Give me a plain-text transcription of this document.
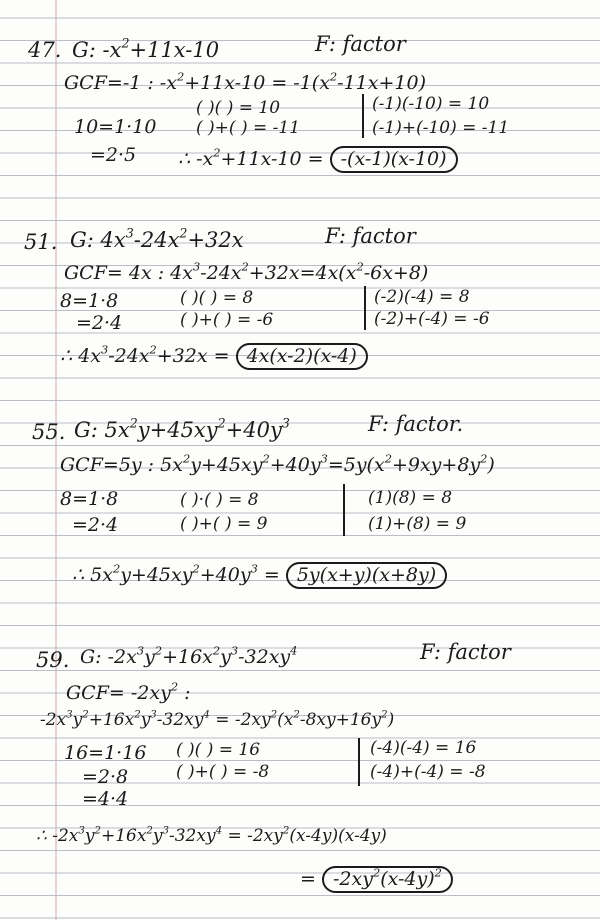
47. G: $-x^2+11x-10$	F: factor
GCF=-1 : $-x^2+11x-10 = -1(x^2-11x+10)$
10=1·10
=2·5
( )( ) = 10
( )+( ) = -11
(-1)(-10) = 10
(-1)+(-10) = -11
∴ $-x^2+11x-10 = -(x-1)(x-10)$
51. G: $4x^3-24x^2+32x$	F: factor
GCF= 4x : $4x^3-24x^2+32x=4x(x^2-6x+8)$
8=1·8
=2·4
( )( ) = 8
( )+( ) = -6
(-2)(-4) = 8
(-2)+(-4) = -6
∴ $4x^3-24x^2+32x = 4x(x-2)(x-4)$
55. G: $5x^2y+45xy^2+40y^3$	F: factor.
GCF=5y : $5x^2y+45xy^2+40y^3=5y(x^2+9xy+8y^2)$
8=1·8
=2·4
( )·( ) = 8
( )+( ) = 9
(1)(8) = 8
(1)+(8) = 9
∴ $5x^2y+45xy^2+40y^3 = 5y(x+y)(x+8y)$
59. G: $-2x^3y^2+16x^2y^3-32xy^4$	F: factor
$GCF= -2xy^2$ :
$-2x^3y^2+16x^2y^3-32xy^4 = -2xy^2(x^2-8xy+16y^2)$
16=1·16
=2·8
=4·4
( )( ) = 16
( )+( ) = -8
(-4)(-4) = 16
(-4)+(-4) = -8
∴ $-2x^3y^2+16x^2y^3-32xy^4 = -2xy^2(x-4y)(x-4y)$
= $-2xy^2(x-4y)^2$
